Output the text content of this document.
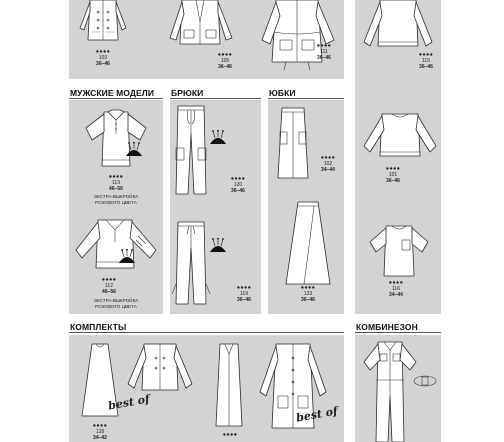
МУЖСКИЕ МОДЕЛИ БРЮКИ	ЮБКИ
КОМПЛЕКТЫ	КОМБИНЕЗОН
●●●●
103
36–46
●●●●
105
36–46
●●●●
111
36–46	●●●●
115
36–46
●●●●
113
46–56
ЭКСТРА-ВЫКРОЙКА
РОЗОВОГО ЦВЕТА
●●●●
112
46–56
ЭКСТРА-ВЫКРОЙКА
РОЗОВОГО ЦВЕТА
●●●●
120
36–46
●●●●
119
36–46
●●●●
102
34–44
●●●●
123
36–46
●●●●
101
36–46
●●●●
116
34–44
best of
●●●●
128
34–42
best of
●●●●
